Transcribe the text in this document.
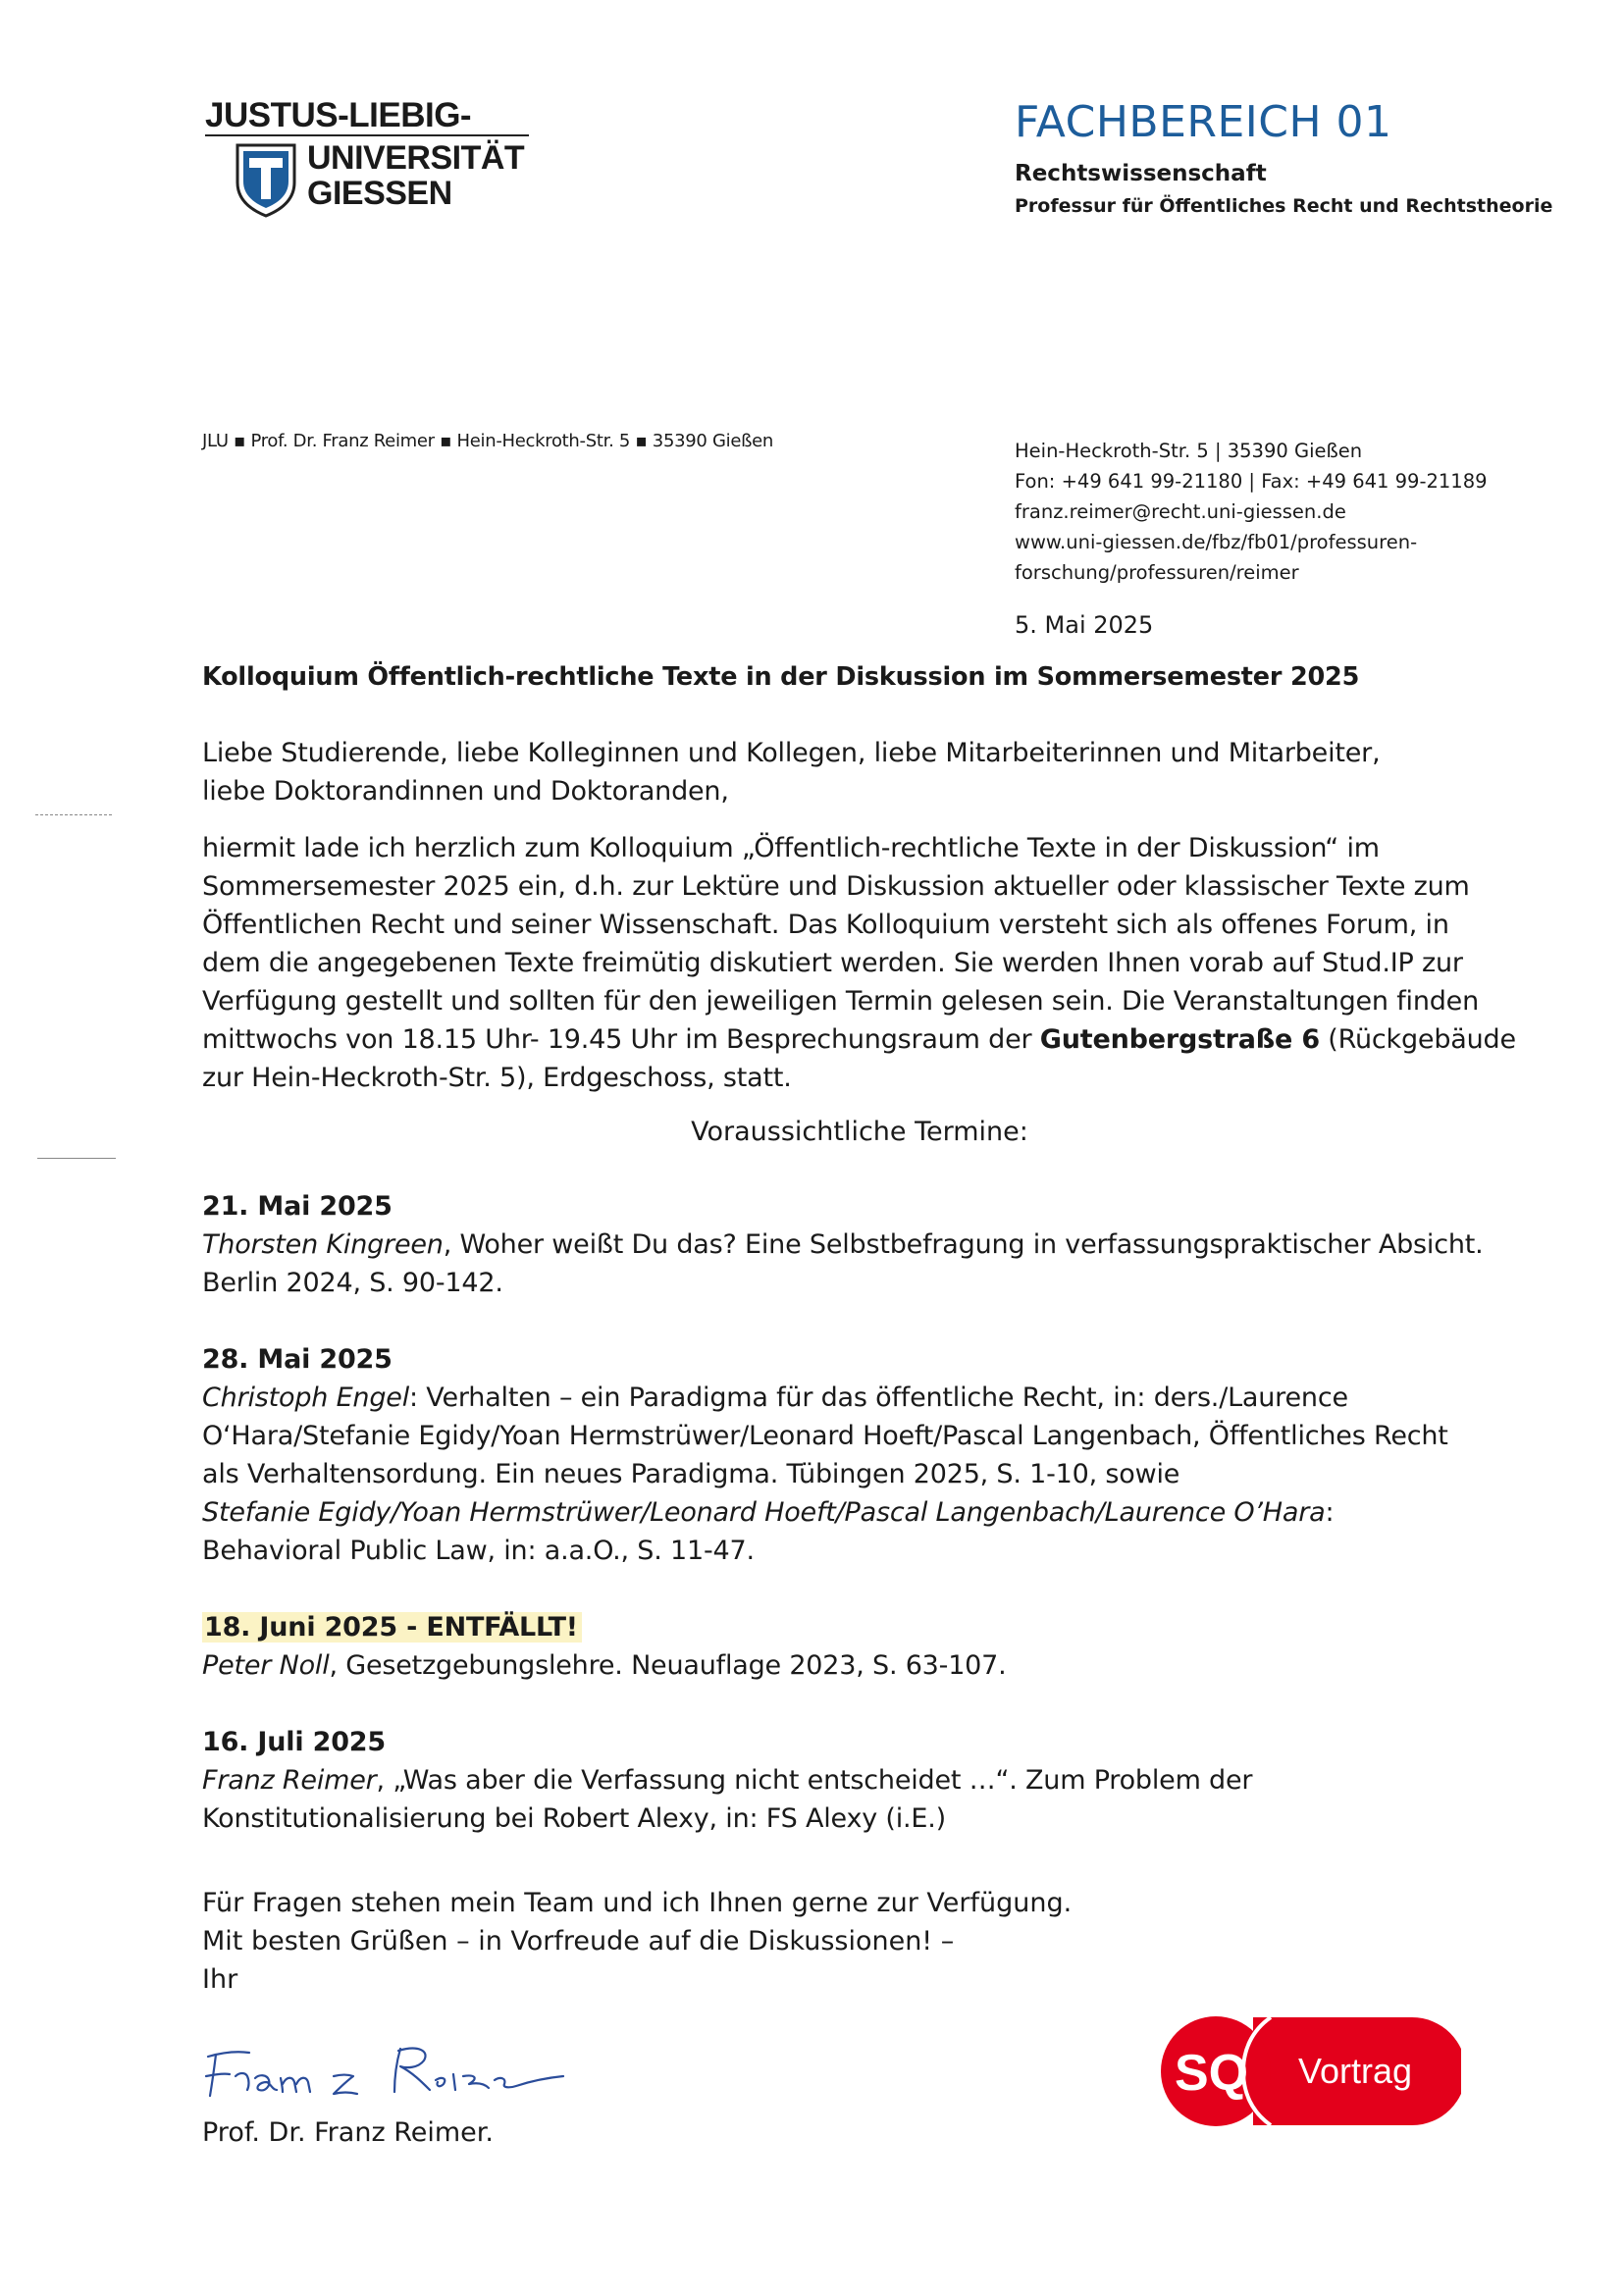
JUSTUS-LIEBIG-
UNIVERSITÄT
GIESSEN
FACHBEREICH 01
Rechtswissenschaft
Professur für Öffentliches Recht und Rechtstheorie
JLU ▪ Prof. Dr. Franz Reimer ▪ Hein-Heckroth-Str. 5 ▪ 35390 Gießen	Hein-Heckroth-Str. 5 | 35390 Gießen
Fon: +49 641 99-21180 | Fax: +49 641 99-21189
franz.reimer@recht.uni-giessen.de
www.uni-giessen.de/fbz/fb01/professuren-
forschung/professuren/reimer
5. Mai 2025
Kolloquium Öffentlich-rechtliche Texte in der Diskussion im Sommersemester 2025
Liebe Studierende, liebe Kolleginnen und Kollegen, liebe Mitarbeiterinnen und Mitarbeiter,
liebe Doktorandinnen und Doktoranden,
hiermit lade ich herzlich zum Kolloquium „Öffentlich-rechtliche Texte in der Diskussion“ im
Sommersemester 2025 ein, d.h. zur Lektüre und Diskussion aktueller oder klassischer Texte zum
Öffentlichen Recht und seiner Wissenschaft. Das Kolloquium versteht sich als offenes Forum, in
dem die angegebenen Texte freimütig diskutiert werden. Sie werden Ihnen vorab auf Stud.IP zur
Verfügung gestellt und sollten für den jeweiligen Termin gelesen sein. Die Veranstaltungen finden
mittwochs von 18.15 Uhr- 19.45 Uhr im Besprechungsraum der Gutenbergstraße 6 (Rückgebäude
zur Hein-Heckroth-Str. 5), Erdgeschoss, statt.
Voraussichtliche Termine:
21. Mai 2025
Thorsten Kingreen, Woher weißt Du das? Eine Selbstbefragung in verfassungspraktischer Absicht.
Berlin 2024, S. 90-142.
28. Mai 2025
Christoph Engel: Verhalten – ein Paradigma für das öffentliche Recht, in: ders./Laurence
O‘Hara/Stefanie Egidy/Yoan Hermstrüwer/Leonard Hoeft/Pascal Langenbach, Öffentliches Recht
als Verhaltensordung. Ein neues Paradigma. Tübingen 2025, S. 1-10, sowie
Stefanie Egidy/Yoan Hermstrüwer/Leonard Hoeft/Pascal Langenbach/Laurence O’Hara:
Behavioral Public Law, in: a.a.O., S. 11-47.
18. Juni 2025 - ENTFÄLLT!
Peter Noll, Gesetzgebungslehre. Neuauflage 2023, S. 63-107.
16. Juli 2025
Franz Reimer, „Was aber die Verfassung nicht entscheidet …“. Zum Problem der
Konstitutionalisierung bei Robert Alexy, in: FS Alexy (i.E.)
Für Fragen stehen mein Team und ich Ihnen gerne zur Verfügung.
Mit besten Grüßen – in Vorfreude auf die Diskussionen! –
Ihr
Prof. Dr. Franz Reimer.
SQ Vortrag
